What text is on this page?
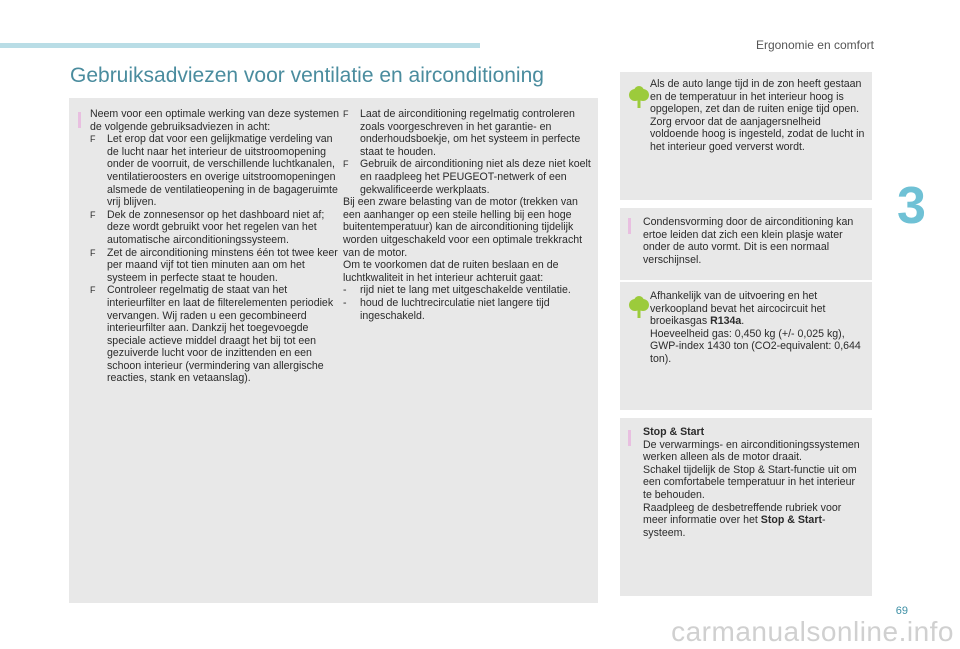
Ergonomie en comfort
3
69
carmanualsonline.info
Gebruiksadviezen voor ventilatie en airconditioning

Neem voor een optimale werking van deze systemen de volgende gebruiksadviezen in acht:

F Let erop dat voor een gelijkmatige verdeling van de lucht naar het interieur de uitstroomopening onder de voorruit, de verschillende luchtkanalen, ventilatieroosters en overige uitstroomopeningen alsmede de ventilatieopening in de bagageruimte vrij blijven.
F Dek de zonnesensor op het dashboard niet af; deze wordt gebruikt voor het regelen van het automatische airconditioningssysteem.
F Zet de airconditioning minstens één tot twee keer per maand vijf tot tien minuten aan om het systeem in perfecte staat te houden.
F Controleer regelmatig de staat van het interieurfilter en laat de filterelementen periodiek vervangen. Wij raden u een gecombineerd interieurfilter aan. Dankzij het toegevoegde speciale actieve middel draagt het bij tot een gezuiverde lucht voor de inzittenden en een schoon interieur (vermindering van allergische reacties, stank en vetaanslag).
F Laat de airconditioning regelmatig controleren zoals voorgeschreven in het garantie- en onderhoudsboekje, om het systeem in perfecte staat te houden.
F Gebruik de airconditioning niet als deze niet koelt en raadpleeg het PEUGEOT-netwerk of een gekwalificeerde werkplaats.

Bij een zware belasting van de motor (trekken van een aanhanger op een steile helling bij een hoge buitentemperatuur) kan de airconditioning tijdelijk worden uitgeschakeld voor een optimale trekkracht van de motor.
Om te voorkomen dat de ruiten beslaan en de luchtkwaliteit in het interieur achteruit gaat:

- rijd niet te lang met uitgeschakelde ventilatie.
- houd de luchtrecirculatie niet langere tijd ingeschakeld.
Als de auto lange tijd in de zon heeft gestaan en de temperatuur in het interieur hoog is opgelopen, zet dan de ruiten enige tijd open.
Zorg ervoor dat de aanjagersnelheid voldoende hoog is ingesteld, zodat de lucht in het interieur goed ververst wordt.
Condensvorming door de airconditioning kan ertoe leiden dat zich een klein plasje water onder de auto vormt. Dit is een normaal verschijnsel.
Afhankelijk van de uitvoering en het verkoopland bevat het aircocircuit het broeikasgas R134a.
Hoeveelheid gas: 0,450 kg (+/- 0,025 kg), GWP-index 1430 ton (CO2-equivalent: 0,644 ton).
Stop & Start
De verwarmings- en airconditioningssystemen werken alleen als de motor draait.
Schakel tijdelijk de Stop & Start-functie uit om een comfortabele temperatuur in het interieur te behouden.
Raadpleeg de desbetreffende rubriek voor meer informatie over het Stop & Start-systeem.
